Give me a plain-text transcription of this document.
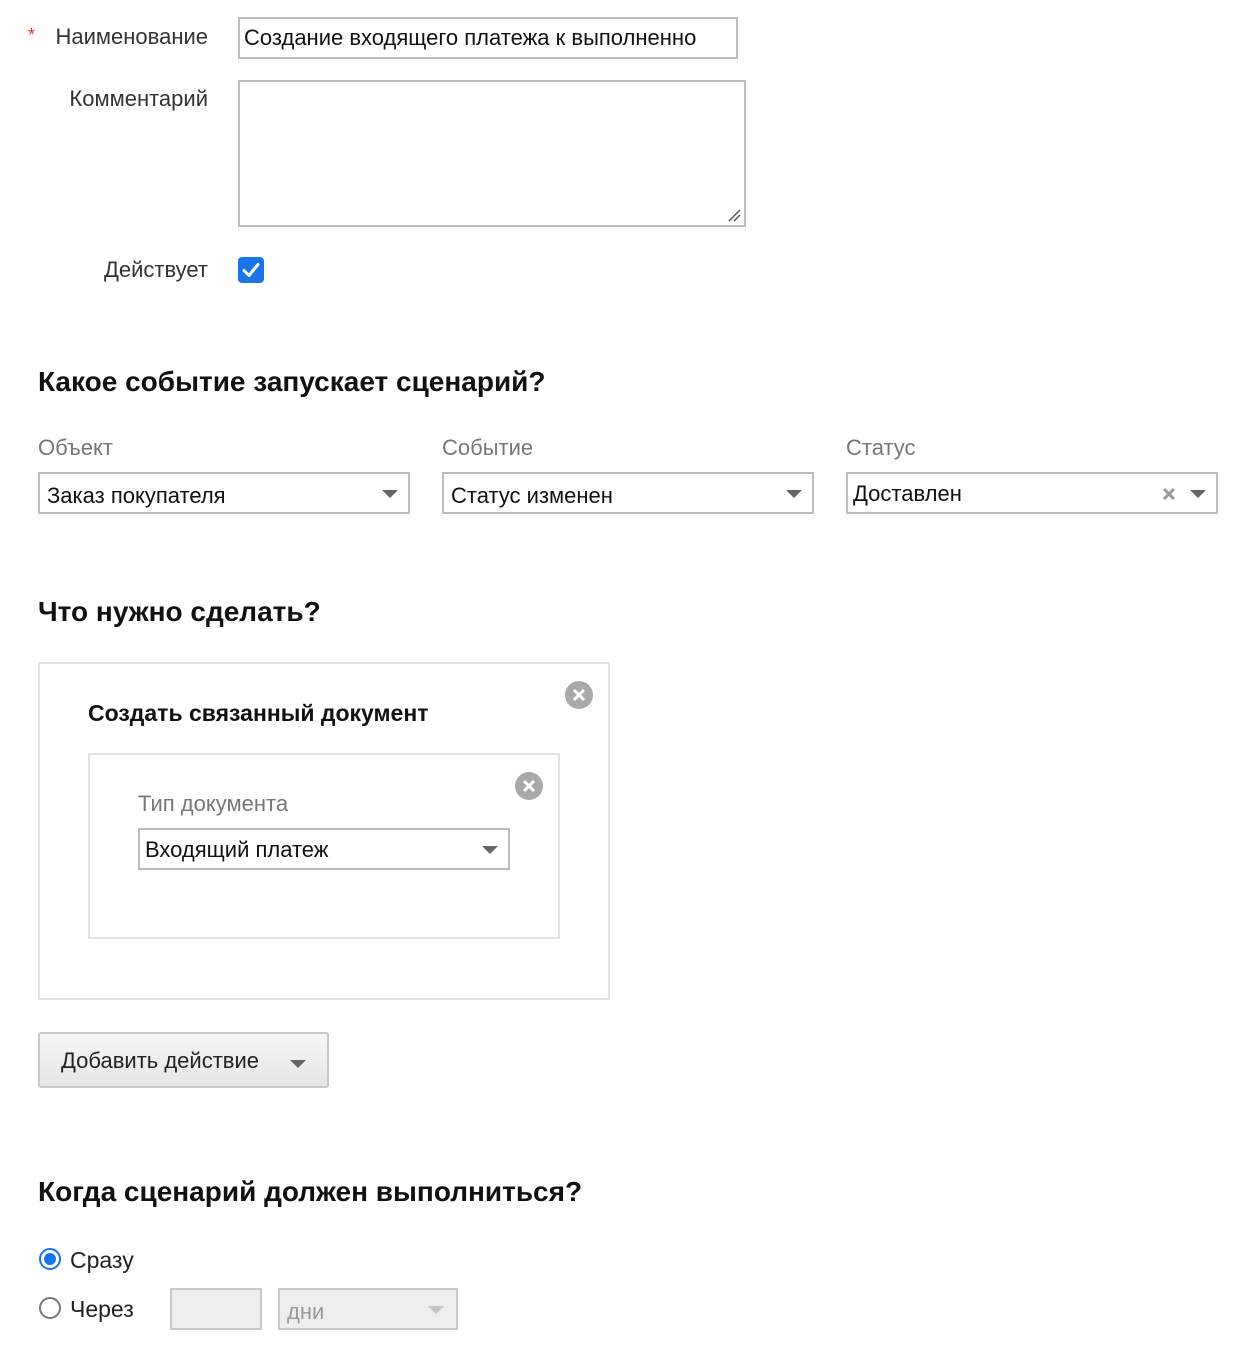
* Наименование Создание входящего платежа к выполненно
Комментарий
Действует
Какое событие запускает сценарий?
Объект
Заказ покупателя
Событие
Статус изменен
Статус
Доставлен
Что нужно сделать?
Создать связанный документ
Тип документа
Входящий платеж
Добавить действие
Когда сценарий должен выполниться?
Сразу
Через	дни
